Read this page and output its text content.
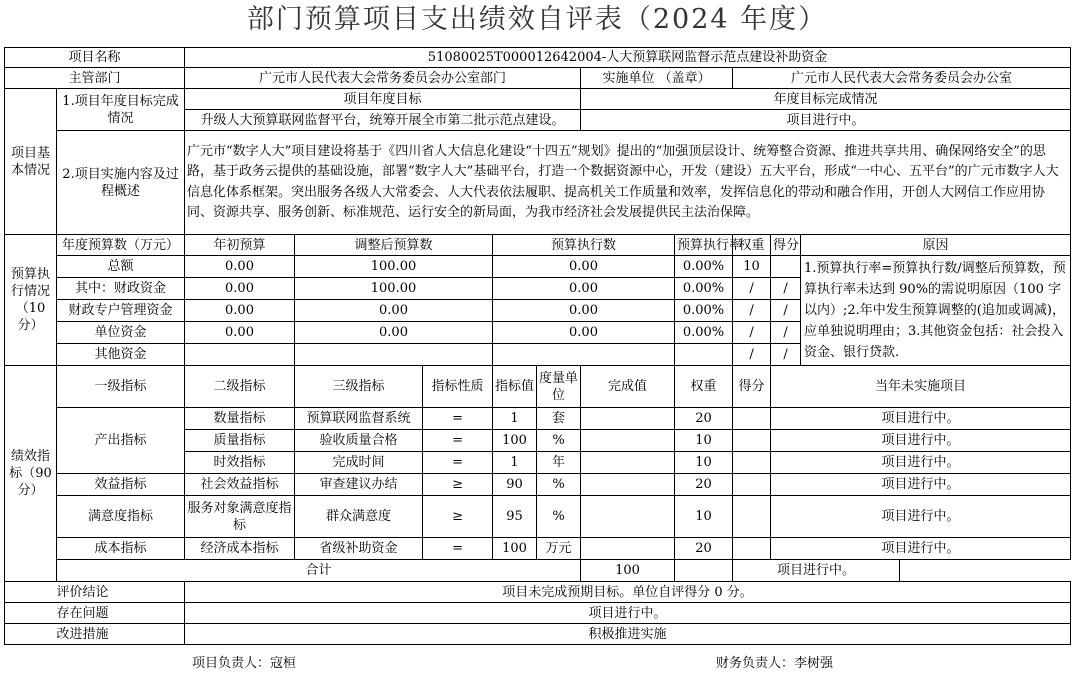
部门预算项目支出绩效自评表（2024 年度）
项目名称		51080025T000012642004-人大预算联网监督示范点建设补助资金									
主管部门		广元市人民代表大会常务委员会办公室部门					实施单位 （盖章）		广元市人民代表大会常务委员会办公室		
项目基本情况	1.项目年度目标完成情况	项目年度目标					年度目标完成情况				
		升级人大预算联网监督平台，统筹开展全市第二批示范点建设。					项目进行中。				
	2.项目实施内容及过程概述	广元市“数字人大”项目建设将基于《四川省人大信息化建设“十四五”规划》提出的“加强顶层设计、统筹整合资源、推进共享共用、确保网络安全”的思路，基于政务云提供的基础设施，部署“数字人大”基础平台，打造一个数据资源中心，开发（建设）五大平台，形成“一中心、五平台”的广元市数字人大信息化体系框架。突出服务各级人大常委会、人大代表依法履职、提高机关工作质量和效率，发挥信息化的带动和融合作用，开创人大网信工作应用协同、资源共享、服务创新、标准规范、运行安全的新局面，为我市经济社会发展提供民主法治保障。									

预算执行情况（10分）	年度预算数（万元）	年初预算	调整后预算数		预算执行数			预算执行率	权重	得分	原因
	总额	0.00	100.00		0.00			0.00%	10		1.预算执行率=预算执行数/调整后预算数，预算执行率未达到 90%的需说明原因（100 字以内）;2.年中发生预算调整的(追加或调减)，应单独说明理由；3.其他资金包括：社会投入资金、银行贷款.
	其中：财政资金	0.00	100.00		0.00			0.00%	/	/	
	财政专户管理资金	0.00	0.00		0.00			0.00%	/	/	
	单位资金	0.00	0.00		0.00			0.00%	/	/	
	其他资金								/	/	
绩效指标（90分）	一级指标	二级指标	三级指标	指标性质	指标值	度量单位	完成值	权重	得分	当年未实施项目	
	产出指标	数量指标	预算联网监督系统	=	1	套		20		项目进行中。	
		质量指标	验收质量合格	=	100	%		10		项目进行中。	
		时效指标	完成时间	=	1	年		10		项目进行中。	
	效益指标	社会效益指标	审查建议办结	≥	90	%		20		项目进行中。	
	满意度指标	服务对象满意度指标	群众满意度	≥	95	%		10		项目进行中。	
	成本指标	经济成本指标	省级补助资金	=	100	万元		20		项目进行中。	
	合计						100		项目进行中。		

	评价结论	项目未完成预期目标。单位自评得分 0 分。									
	存在问题	项目进行中。									
	改进措施	积极推进实施									
项目负责人：寇桓	财务负责人：李树强
